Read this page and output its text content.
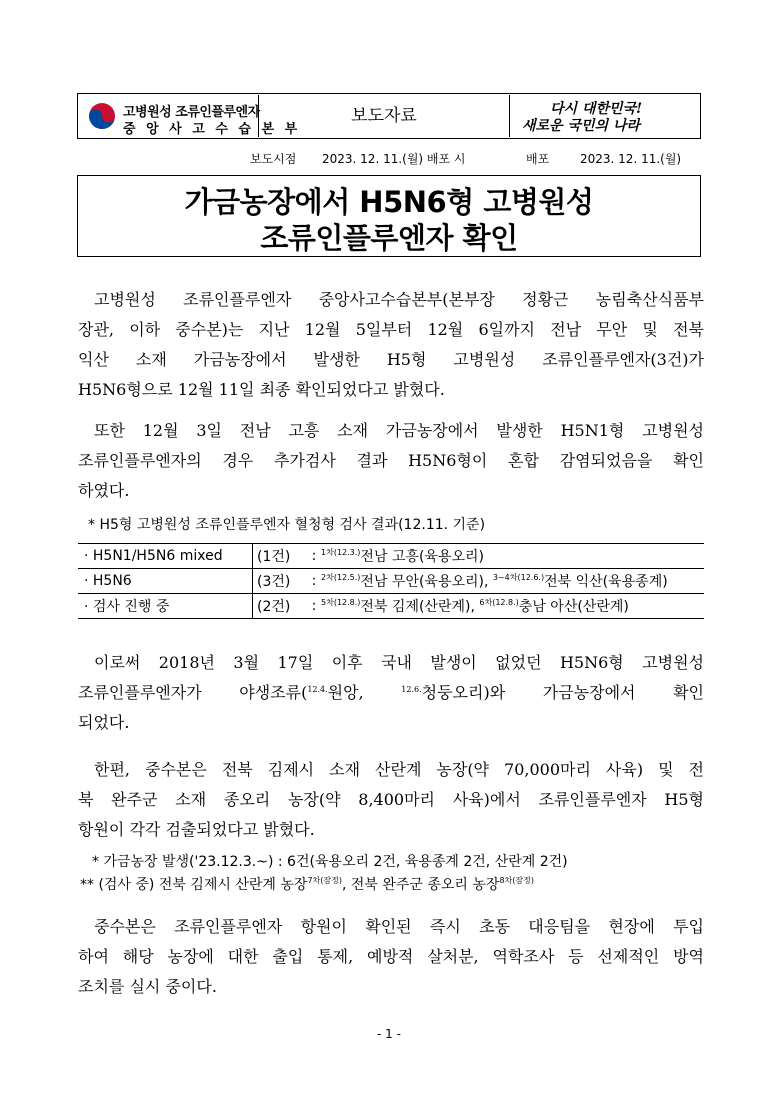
고병원성 조류인플루엔자
중 앙 사 고 수 습 본 부
보도자료	다시 대한민국!
새로운 국민의 나라
보도시점 2023. 12. 11.(월) 배포 시	배포	2023. 12. 11.(월)
가금농장에서 H5N6형 고병원성
조류인플루엔자 확인
고병원성 조류인플루엔자 중앙사고수습본부(본부장 정황근 농림축산식품부
장관, 이하 중수본)는 지난 12월 5일부터 12월 6일까지 전남 무안 및 전북
익산 소재 가금농장에서 발생한 H5형 고병원성 조류인플루엔자(3건)가
H5N6형으로 12월 11일 최종 확인되었다고 밝혔다.
또한 12월 3일 전남 고흥 소재 가금농장에서 발생한 H5N1형 고병원성
조류인플루엔자의 경우 추가검사 결과 H5N6형이 혼합 감염되었음을 확인
하였다.
* H5형 고병원성 조류인플루엔자 혈청형 검사 결과(12.11. 기준)
· H5N1/H5N6 mixed	(1건)	:	$^{1차(12.3.)}$전남 고흥(육용오리)
· H5N6	(3건)	:	$^{2차(12.5.)}$전남 무안(육용오리), $^{3\sim 4차(12.6.)}$전북 익산(육용종계)
· 검사 진행 중	(2건)	:	$^{5차(12.8.)}$전북 김제(산란계), $^{6차(12.8.)}$충남 아산(산란계)
이로써 2018년 3월 17일 이후 국내 발생이 없었던 H5N6형 고병원성
조류인플루엔자가 야생조류($^{12.4.}$원앙, $^{12.6.}$청둥오리)와 가금농장에서 확인
되었다.
한편, 중수본은 전북 김제시 소재 산란계 농장(약 70,000마리 사육) 및 전
북 완주군 소재 종오리 농장(약 8,400마리 사육)에서 조류인플루엔자 H5형
항원이 각각 검출되었다고 밝혔다.
* 가금농장 발생('23.12.3.~) : 6건(육용오리 2건, 육용종계 2건, 산란계 2건)
** (검사 중) 전북 김제시 산란계 농장$^{7차(잠정)}$, 전북 완주군 종오리 농장$^{8차(잠정)}$
중수본은 조류인플루엔자 항원이 확인된 즉시 초동 대응팀을 현장에 투입
하여 해당 농장에 대한 출입 통제, 예방적 살처분, 역학조사 등 선제적인 방역
조치를 실시 중이다.
- 1 -
